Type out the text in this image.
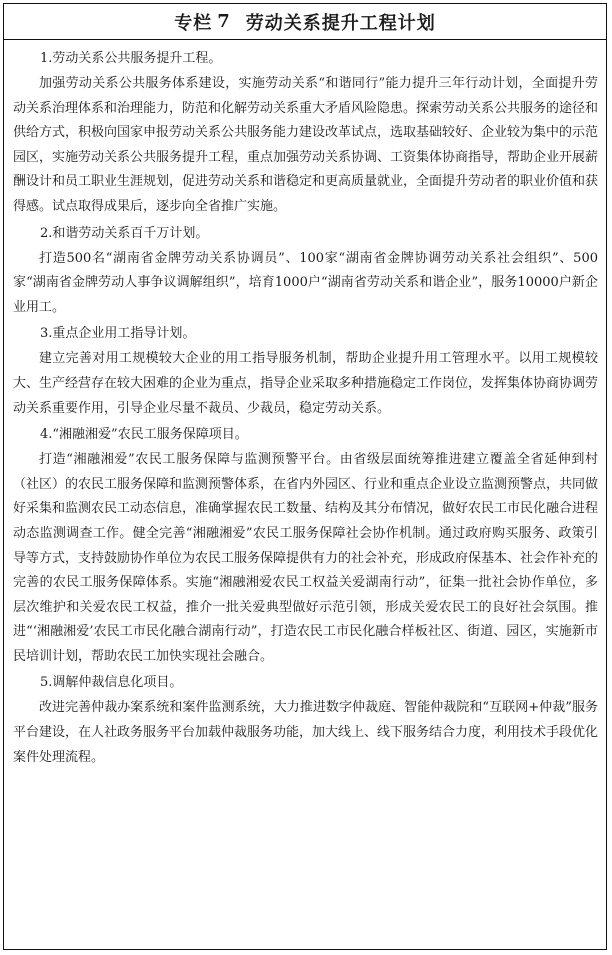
专栏 7 劳动关系提升工程计划
1.劳动关系公共服务提升工程。

加强劳动关系公共服务体系建设，实施劳动关系“和谐同行”能力提升三年行动计划，全面提升劳动关系治理体系和治理能力，防范和化解劳动关系重大矛盾风险隐患。探索劳动关系公共服务的途径和供给方式，积极向国家申报劳动关系公共服务能力建设改革试点，选取基础较好、企业较为集中的示范园区，实施劳动关系公共服务提升工程，重点加强劳动关系协调、工资集体协商指导，帮助企业开展薪酬设计和员工职业生涯规划，促进劳动关系和谐稳定和更高质量就业，全面提升劳动者的职业价值和获得感。试点取得成果后，逐步向全省推广实施。

2.和谐劳动关系百千万计划。

打造500名“湖南省金牌劳动关系协调员”、100家“湖南省金牌协调劳动关系社会组织”、500家“湖南省金牌劳动人事争议调解组织”，培育1000户“湖南省劳动关系和谐企业”，服务10000户新企业用工。

3.重点企业用工指导计划。

建立完善对用工规模较大企业的用工指导服务机制，帮助企业提升用工管理水平。以用工规模较大、生产经营存在较大困难的企业为重点，指导企业采取多种措施稳定工作岗位，发挥集体协商协调劳动关系重要作用，引导企业尽量不裁员、少裁员，稳定劳动关系。

4.“湘融湘爱”农民工服务保障项目。

打造“湘融湘爱”农民工服务保障与监测预警平台。由省级层面统筹推进建立覆盖全省延伸到村（社区）的农民工服务保障和监测预警体系，在省内外园区、行业和重点企业设立监测预警点，共同做好采集和监测农民工动态信息，准确掌握农民工数量、结构及其分布情况，做好农民工市民化融合进程动态监测调查工作。健全完善“湘融湘爱”农民工服务保障社会协作机制。通过政府购买服务、政策引导等方式，支持鼓励协作单位为农民工服务保障提供有力的社会补充，形成政府保基本、社会作补充的完善的农民工服务保障体系。实施“湘融湘爱农民工权益关爱湖南行动”，征集一批社会协作单位，多层次维护和关爱农民工权益，推介一批关爱典型做好示范引领，形成关爱农民工的良好社会氛围。推进“‘湘融湘爱’农民工市民化融合湖南行动”，打造农民工市民化融合样板社区、街道、园区，实施新市民培训计划，帮助农民工加快实现社会融合。

5.调解仲裁信息化项目。

改进完善仲裁办案系统和案件监测系统，大力推进数字仲裁庭、智能仲裁院和“互联网+仲裁”服务平台建设，在人社政务服务平台加载仲裁服务功能，加大线上、线下服务结合力度，利用技术手段优化案件处理流程。
